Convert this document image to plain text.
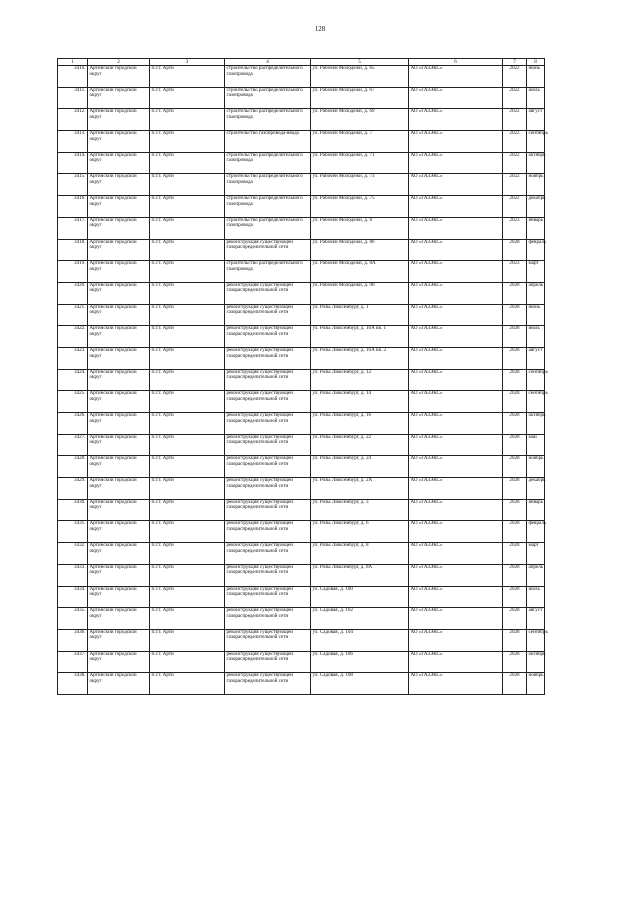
128
1	2	3	4	5	6	7	8
3410.	Артинский городской округ	п.г.т. Арти	строительство распределительного газопровода	ул. Рабочей Молодежи, д. 65	АО «ГАЗЭКС»	2022	июнь
3411.	Артинский городской округ	п.г.т. Арти	строительство распределительного газопровода	ул. Рабочей Молодежи, д. 67	АО «ГАЗЭКС»	2022	июль
3412.	Артинский городской округ	п.г.т. Арти	строительство распределительного газопровода	ул. Рабочей Молодежи, д. 69	АО «ГАЗЭКС»	2022	август
3413.	Артинский городской округ	п.г.т. Арти	строительство газопровода-ввода	ул. Рабочей Молодежи, д. 7	АО «ГАЗЭКС»	2022	сентябрь
3414.	Артинский городской округ	п.г.т. Арти	строительство распределительного газопровода	ул. Рабочей Молодежи, д. 71	АО «ГАЗЭКС»	2022	октябрь
3415.	Артинский городской округ	п.г.т. Арти	строительство распределительного газопровода	ул. Рабочей Молодежи, д. 73	АО «ГАЗЭКС»	2022	ноябрь
3416.	Артинский городской округ	п.г.т. Арти	строительство распределительного газопровода	ул. Рабочей Молодежи, д. 75	АО «ГАЗЭКС»	2022	декабрь
3417.	Артинский городской округ	п.г.т. Арти	строительство распределительного газопровода	ул. Рабочей Молодежи, д. 8	АО «ГАЗЭКС»	2023	январь
3418.	Артинский городской округ	п.г.т. Арти	реконструкция существующей газораспределительной сети	ул. Рабочей Молодежи, д. 86	АО «ГАЗЭКС»	2028	февраль
3419.	Артинский городской округ	п.г.т. Арти	строительство распределительного газопровода	ул. Рабочей Молодежи, д. 8А	АО «ГАЗЭКС»	2023	март
3420.	Артинский городской округ	п.г.т. Арти	реконструкция существующей газораспределительной сети	ул. Рабочей Молодежи, д. 90	АО «ГАЗЭКС»	2028	апрель
3421.	Артинский городской округ	п.г.т. Арти	реконструкция существующей газораспределительной сети	ул. Розы Люксембург, д. 1	АО «ГАЗЭКС»	2028	июнь
3422.	Артинский городской округ	п.г.т. Арти	реконструкция существующей газораспределительной сети	ул. Розы Люксембург, д. 10А кв. 1	АО «ГАЗЭКС»	2028	июль
3423.	Артинский городской округ	п.г.т. Арти	реконструкция существующей газораспределительной сети	ул. Розы Люксембург, д. 10А кв. 2	АО «ГАЗЭКС»	2028	август
3424.	Артинский городской округ	п.г.т. Арти	реконструкция существующей газораспределительной сети	ул. Розы Люксембург, д. 12	АО «ГАЗЭКС»	2028	сентябрь
3425.	Артинский городской округ	п.г.т. Арти	реконструкция существующей газораспределительной сети	ул. Розы Люксембург, д. 14	АО «ГАЗЭКС»	2028	сентябрь
3426.	Артинский городской округ	п.г.т. Арти	реконструкция существующей газораспределительной сети	ул. Розы Люксембург, д. 16	АО «ГАЗЭКС»	2028	октябрь
3427.	Артинский городской округ	п.г.т. Арти	реконструкция существующей газораспределительной сети	ул. Розы Люксембург, д. 22	АО «ГАЗЭКС»	2028	май
3428.	Артинский городской округ	п.г.т. Арти	реконструкция существующей газораспределительной сети	ул. Розы Люксембург, д. 24	АО «ГАЗЭКС»	2028	ноябрь
3429.	Артинский городской округ	п.г.т. Арти	реконструкция существующей газораспределительной сети	ул. Розы Люксембург, д. 2А	АО «ГАЗЭКС»	2028	декабрь
3430.	Артинский городской округ	п.г.т. Арти	реконструкция существующей газораспределительной сети	ул. Розы Люксембург, д. 3	АО «ГАЗЭКС»	2028	январь
3431.	Артинский городской округ	п.г.т. Арти	реконструкция существующей газораспределительной сети	ул. Розы Люксембург, д. 6	АО «ГАЗЭКС»	2028	февраль
3432.	Артинский городской округ	п.г.т. Арти	реконструкция существующей газораспределительной сети	ул. Розы Люксембург, д. 8	АО «ГАЗЭКС»	2028	март
3433.	Артинский городской округ	п.г.т. Арти	реконструкция существующей газораспределительной сети	ул. Розы Люксембург, д. 8А	АО «ГАЗЭКС»	2028	апрель
3434.	Артинский городской округ	п.г.т. Арти	реконструкция существующей газораспределительной сети	ул. Садовая, д. 100	АО «ГАЗЭКС»	2028	июль
3435.	Артинский городской округ	п.г.т. Арти	реконструкция существующей газораспределительной сети	ул. Садовая, д. 102	АО «ГАЗЭКС»	2028	август
3436.	Артинский городской округ	п.г.т. Арти	реконструкция существующей газораспределительной сети	ул. Садовая, д. 104	АО «ГАЗЭКС»	2028	сентябрь
3437.	Артинский городской округ	п.г.т. Арти	реконструкция существующей газораспределительной сети	ул. Садовая, д. 106	АО «ГАЗЭКС»	2028	октябрь
3438.	Артинский городской округ	п.г.т. Арти	реконструкция существующей газораспределительной сети	ул. Садовая, д. 108	АО «ГАЗЭКС»	2028	ноябрь
